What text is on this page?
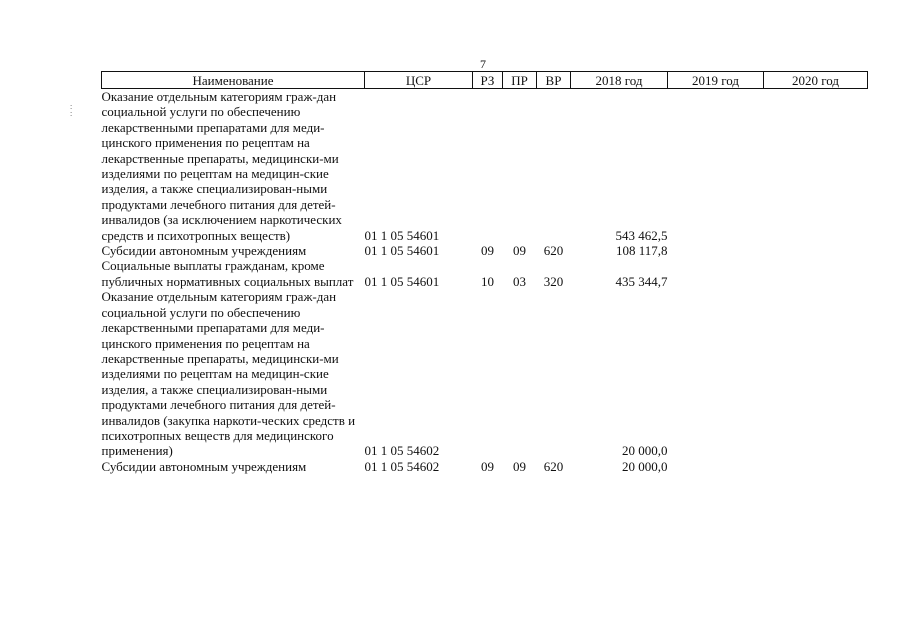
7
:
:
Наименование	ЦСР	РЗ	ПР	ВР	2018 год	2019 год	2020 год
Оказание отдельным категориям граж-дан социальной услуги по обеспечению лекарственными препаратами для меди-цинского применения по рецептам на лекарственные препараты, медицински-ми изделиями по рецептам на медицин-ские изделия, а также специализирован-ными продуктами лечебного питания для детей-инвалидов (за исключением наркотических средств и психотропных веществ)	01 1 05 54601				543 462,5		
Субсидии автономным учреждениям	01 1 05 54601	09	09	620	108 117,8		
Социальные выплаты гражданам, кроме публичных нормативных социальных выплат	01 1 05 54601	10	03	320	435 344,7		
Оказание отдельным категориям граж-дан социальной услуги по обеспечению лекарственными препаратами для меди-цинского применения по рецептам на лекарственные препараты, медицински-ми изделиями по рецептам на медицин-ские изделия, а также специализирован-ными продуктами лечебного питания для детей-инвалидов (закупка наркоти-ческих средств и психотропных веществ для медицинского применения)	01 1 05 54602				20 000,0		
Субсидии автономным учреждениям	01 1 05 54602	09	09	620	20 000,0		
